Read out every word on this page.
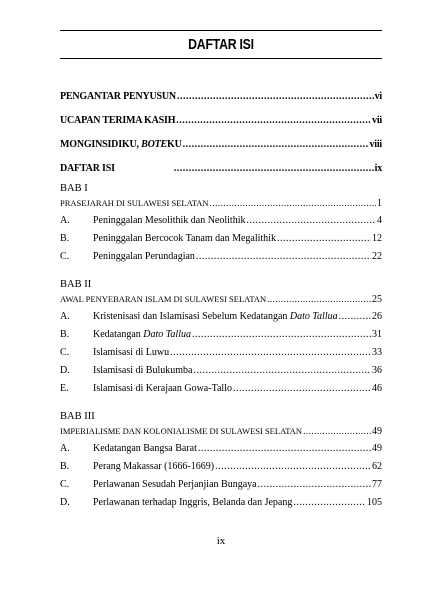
DAFTAR ISI
PENGANTAR PENYUSUN .....	vi
UCAPAN TERIMA KASIH .....	vii
MONGINSIDIKU, BOTEKU .....	viii
DAFTAR ISI .....	ix
BAB I
PRASEJARAH DI SULAWESI SELATAN .....	1
A.	Peninggalan Mesolithik dan Neolithik .....	4
B.	Peninggalan Bercocok Tanam dan Megalithik .....	12
C.	Peninggalan Perundagian .....	22
BAB II
AWAL PENYEBARAN ISLAM DI SULAWESI SELATAN .....	25
A.	Kristenisasi dan Islamisasi Sebelum Kedatangan Dato Tallua .....	26
B.	Kedatangan Dato Tallua .....	31
C.	Islamisasi di Luwu .....	33
D.	Islamisasi di Bulukumba .....	36
E.	Islamisasi di Kerajaan Gowa-Tallo .....	46
BAB III
IMPERIALISME DAN KOLONIALISME DI SULAWESI SELATAN .....	49
A.	Kedatangan Bangsa Barat .....	49
B.	Perang Makassar (1666-1669) .....	62
C.	Perlawanan Sesudah Perjanjian Bungaya .....	77
D.	Perlawanan terhadap Inggris, Belanda dan Jepang .....	105
ix
